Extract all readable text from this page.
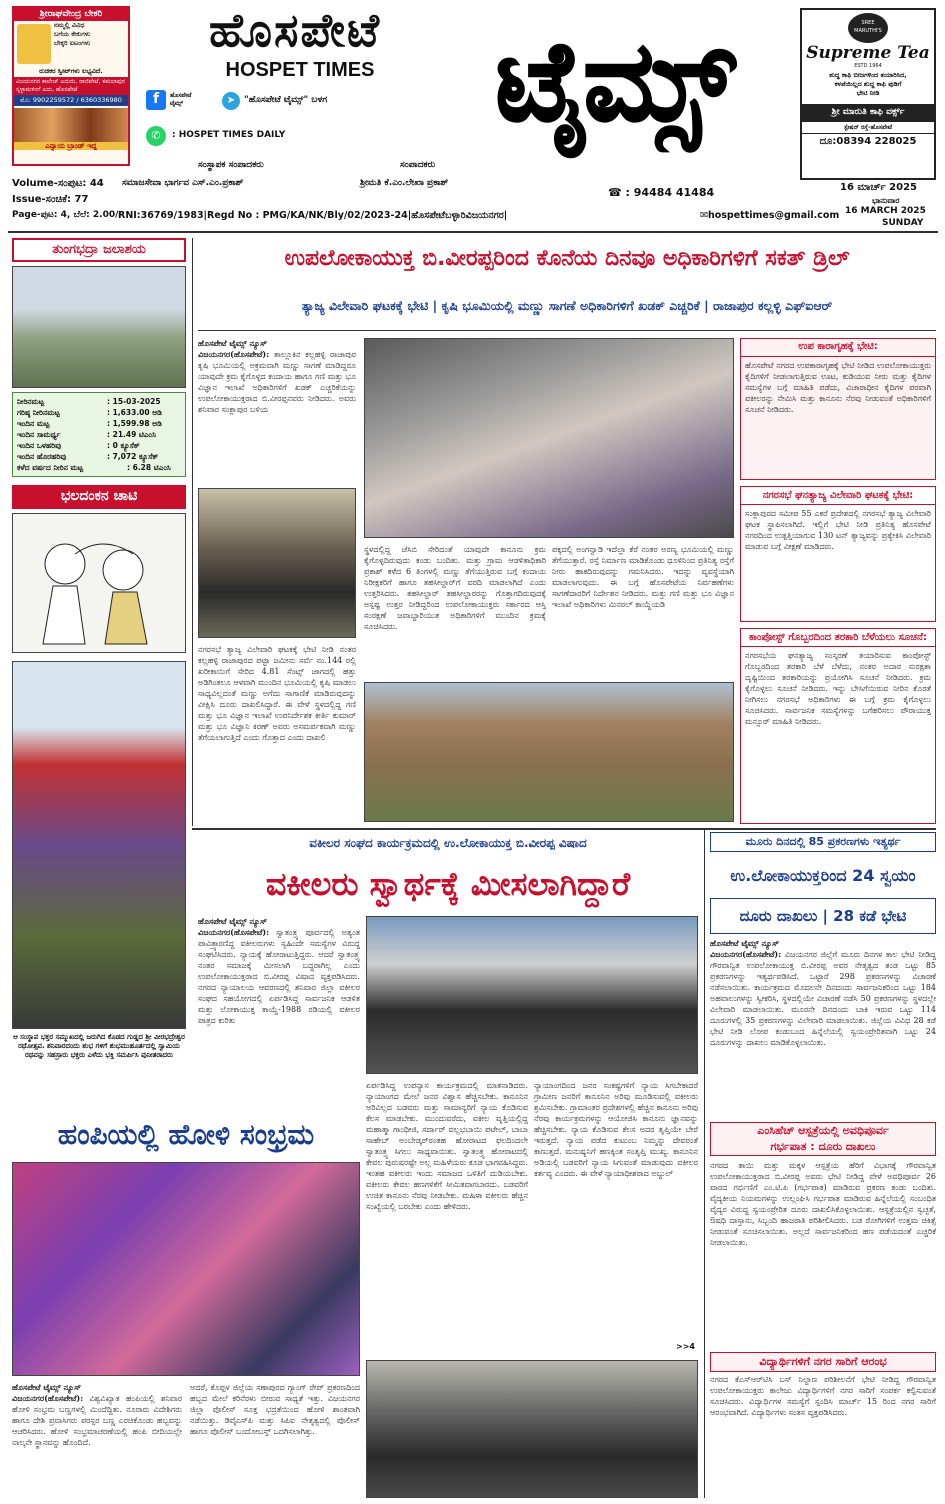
ಶ್ರೀರಾಘವೇಂದ್ರ ಬೇಕರಿ
ನಮ್ಮಲ್ಲಿ ವಿವಿಧ
ಬಗೆಯ ಕೇಕುಗಳು
ಬೇಕ್ಕರಿ ಐಟಂಗಳು
ರುಚಿಕರ ಸ್ವೀಟ್‌ಗಳು ಲಭ್ಯವಿದೆ.
ವಿಜಯನಗರ ಕಾಲೇಜ್ ಎದುರು, ರಾಣಿಪೇಟೆ, ಕಮಲಾಪುರ ಸ್ಕಳ್ಳಾಮಳಿಂಗೆ ಎದು, ಹೊಸಪೇಟೆ
ಮೊ: 9902259572 / 6360336980
ಎನ್ವಾಯ ಬ್ರಾಂಡ್ ಇದ್ದ
ಹೊಸಪೇಟೆ
HOSPET TIMES
f	ಹೊಸಪೇಟೆ ಟೈಮ್ಸ್	➤ "ಹೊಸಪೇಟೆ ಟೈಮ್ಸ್" ಬಳಗ
✆	: HOSPET TIMES DAILY	ಟೈಮ್ಸ್	SREE MARUTHI'S
Supreme Tea
ESTD 1964
ಶುದ್ಧ ಕಾಫಿ ಬೀಜಗಳಿಂದ ತಯಾರಿಸಿದ,
ಕಳಪೆಯಿಲ್ಲದ ಶುದ್ಧ ಕಾಫಿ ಪುಡಿಗೆ
ಭೇಟಿ ನೀಡಿ
ಶ್ರೀ ಮಾರುತಿ ಕಾಫಿ ವರ್ಕ್ಸ್
ಸ್ಟೇಷನ್ ರಸ್ತೆ-ಹೊಸಪೇಟೆ
ದೂ:08394 228025
ಸಂಸ್ಥಾಪಕ ಸಂಪಾದಕರು
ಸಮಾಜಸೇವಾ ಭಾರ್ಗವ ಎಸ್.ಎಂ.ಪ್ರಕಾಶ್
ಸಂಪಾದಕರು
ಶ್ರೀಮತಿ ಕೆ.ಎಂ.ಲೇಖಾ ಪ್ರಕಾಶ್
Volume-ಸಂಪುಟ: 44
Issue-ಸಂಚಿಕೆ: 77
Page-ಪುಟ: 4, ಬೆಲೆ: 2.00/-
☎ : 94484 41484	16 ಮಾರ್ಚ್ 2025
ಭಾನುವಾರ
16 MARCH 2025
SUNDAY
RNI:36769/1983|Regd No : PMG/KA/NK/Bly/02/2023-24|ಹೊಸಪೇಟೆಬಳ್ಳಾರಿವಿಜಯನಗರ|	✉hospettimes@gmail.com
ತುಂಗಭದ್ರಾ ಜಲಾಶಯ
ನೀರಿನಮಟ್ಟ	: 15-03-2025
ಗರಿಷ್ಠ ನೀರಿನಮಟ್ಟ	: 1,633.00 ಅಡಿ
ಇಂದಿನ ಮಟ್ಟ	: 1,599.98 ಅಡಿ
ಇಂದಿನ ಸಾಮರ್ಥ್ಯ	: 21.49 ಟಿಎಂಸಿ
ಇಂದಿನ ಒಳಹರಿವು	: 0 ಕ್ಯೂಸೆಕ್
ಇಂದಿನ ಹೊರಹರಿವು	: 7,072 ಕ್ಯೂಸೆಕ್
ಕಳೆದ ವರ್ಷದ ನೀರಿನ ಮಟ್ಟ	: 6.28 ಟಿಎಂಸಿ
ಭಲದಂಕನ ಚಾಟಿ
ಆ ಸಂಸ್ಥಾಪ ಭಕ್ತರ ಸಮ್ಮುಖದಲ್ಲಿ ಜರುಗಿದ ಕೊಡದ ಗುಡ್ಡದ ಶ್ರೀ ವೀರಭದ್ರೇಶ್ವರ ರಥೋತ್ಸವ. ಶನಿವಾರದಂದು ಶುಭ ಗಳಿಗೆ ಶುಭಮುಹೂರ್ತದಲ್ಲಿ ಸ್ವಾಮಿಯ ರಥವನ್ನು ಸಹಸ್ರಾರು ಭಕ್ತರು ಎಳೆದು ಭಕ್ತಿ ಸಮರ್ಪಿಸಿ ಪುನೀತರಾದರು
ಉಪಲೋಕಾಯುಕ್ತ ಬಿ.ವೀರಪ್ಪರಿಂದ ಕೊನೆಯ ದಿನವೂ ಅಧಿಕಾರಿಗಳಿಗೆ ಸಕತ್ ಡ್ರಿಲ್
ತ್ಯಾಜ್ಯ ವಿಲೇವಾರಿ ಘಟಕಕ್ಕೆ ಭೇಟಿ | ಕೃಷಿ ಭೂಮಿಯಲ್ಲಿ ಮಣ್ಣು ಸಾಗಣೆ ಅಧಿಕಾರಿಗಳಿಗೆ ಖಡಕ್ ಎಚ್ಚರಿಕೆ | ರಾಜಾಪುರ ಕಲ್ಲಳ್ಳಿ ಎಫ್‌ಐಆರ್
ಹೊಸಪೇಟೆ ಟೈಮ್ಸ್ ನ್ಯೂಸ್
ವಿಜಯನಗರ(ಹೊಸಪೇಟೆ): ತಾಲ್ಲೂಕಿನ ಕಲ್ಲಹಳ್ಳಿ ರಾಜಾಪುರ ಕೃಷಿ ಭೂಮಿಯಲ್ಲಿ ಅಕ್ರಮವಾಗಿ ಮಣ್ಣು ಸಾಗಣೆ ಮಾಡಿದ್ದರೂ ಯಾವುದೇ ಕ್ರಮ ಕೈಗೊಳ್ಳದ ಕಂದಾಯ ಹಾಗೂ ಗಣಿ ಮತ್ತು ಭೂ ವಿಜ್ಞಾನ ಇಲಾಖೆ ಅಧಿಕಾರಿಗಳಿಗೆ ಖಡಕ್ ಎಚ್ಚರಿಕೆಯನ್ನು ಉಪಲೋಕಾಯುಕ್ತರಾದ ಬಿ.ವೀರಪ್ಪನವರು ನೀಡಿದರು. ಅವರು ಶನಿವಾರ ಸಂಕ್ಲಾಪುರ ಬಳಿಯ
ನಗರಸಭೆ ತ್ಯಾಜ್ಯ ವಿಲೇವಾರಿ ಘಟಕಕ್ಕೆ ಭೇಟಿ ನೀಡಿ ನಂತರ ಕಲ್ಲಹಳ್ಳಿ ರಾಜಾಪುರದ ಪಟ್ಟಾ ಜಮೀನು ಸರ್ವೆ ನಂ.144 ರಲ್ಲಿ ಖರೀಕಾಯಿಗೆ ಸೇರಿದ 4.81 ಸೆಂಟ್ಸ್ ಜಾಗದಲ್ಲಿ ಹತ್ತು ಅಡಿಗಿಂತಲೂ ಆಳವಾಗಿ ಮುಂದಿನ ಭೂಮಿಯಲ್ಲಿ ಕೃಷಿ ಮಾಡಲು ಸಾಧ್ಯವಿಲ್ಲದಂತೆ ಮಣ್ಣು ಅಗೆದು ಸಾಗಾಣಿಕೆ ಮಾಡಿರುವುದನ್ನು ವೀಕ್ಷಿಸಿ ದೂರು ದಾಖಲಿಸಿದ್ದಾರೆ. ಈ ವೇಳೆ ಸ್ಥಳದಲ್ಲಿದ್ದ ಗಣಿ ಮತ್ತು ಭೂ ವಿಜ್ಞಾನ ಇಲಾಖೆ ಉಪನಿರ್ದೇಶಕ ಕೀರ್ತಿ ಕುಮಾರ್ ಮತ್ತು ಭೂ ವಿಜ್ಞಾನಿ ಕಿರಣ್ ಅವರು ಅಸಮರ್ಪಕವಾಗಿ ಮಣ್ಣು ತೆಗೆಯಲಾಗುತ್ತಿದೆ ಎಂದು ಗೊತ್ತಾದ ಎಂದು ದಾಖಲಿ
ಸ್ಥಳದಲ್ಲಿದ್ದ ಜೆಸಿಬಿ ಸೇರಿದಂತೆ ಯಾವುದೇ ಕಾನೂನು ಕ್ರಮ ಕೈಗೊಳ್ಳದಿರುವುದು ಕಂಡು ಬಂದಿತು. ಮತ್ತು ಗ್ರಾಮ ಆಡಳಿತಾಧಿಕಾರಿ ಪ್ರಕಾಶ್ ಕಳೆದ 6 ತಿಂಗಳಲ್ಲಿ ಮಣ್ಣು ತೆಗೆಯುತ್ತಿರುವ ಬಗ್ಗೆ ಕಂದಾಯ ನಿರೀಕ್ಷಕರಿಗೆ ಹಾಗೂ ತಹಸೀಲ್ದಾರ್‌ಗೆ ವರದಿ ಮಾಡಲಾಗಿದೆ ಎಂದು ಉತ್ತರಿಸಿದರು. ತಹಸೀಲ್ದಾರ್ ತಹಸೀಲ್ದಾರರನ್ನು ಗೊತ್ತಾಗದಿರುವುದಕ್ಕೆ ಅಸ್ಪಷ್ಟ ಉತ್ತರ ನೀಡಿದ್ದರಿಂದ ಉಪಲೋಕಾಯುಕ್ತರು ಸರ್ಕಾರದ ಆಸ್ತಿ ಸಂರಕ್ಷಣೆ ಜವಾಬ್ದಾರಿಯುತ ಅಧಿಕಾರಿಗಳಿಗೆ ಮುಂದಿನ ಕ್ರಮಕ್ಕೆ ಸೂಚಿಸಿದರು.
ಪಕ್ಕದಲ್ಲಿ ಅಂಗನ್ವಾಡಿ ಇದೆಲ್ಲಾ ಕೆರೆ ನಂತರ ಅರಣ್ಯ ಭೂಮಿಯಲ್ಲಿ ಮಣ್ಣು ತೆಗೆಯುತ್ತಾರೆ. ರಸ್ತೆ ನಿರ್ಮಾಣ ಮಾಡಿಕೊಂಡು ಧೂಳಿನಿಂದ ಪ್ರತಿನಿತ್ಯ ರಸ್ತೆಗೆ ನೀರು ಹಾಕದಿರುವುದನ್ನು ಗಮನಿಸಿದರು. ಇದನ್ನು ವ್ಯವಸ್ಥೆಯಾಗಿ ಮಾಡಲಾಗುವುದು. ಈ ಬಗ್ಗೆ ಹೊಸಪೇಟೆಯ ನಿರ್ವಹಣೆಗಳು ಸಾಗಣೆದಾರರಿಗೆ ನಿರ್ದೇಶನ ನೀಡಿದರು. ಮತ್ತು ಗಣಿ ಮತ್ತು ಭೂ ವಿಜ್ಞಾನ ಇಲಾಖೆ ಅಧಿಕಾರಿಗಳು ಮಿನರಲ್ ಕಾಯ್ದೆಯಡಿ
ಉಪ ಕಾರಾಗೃಹಕ್ಕೆ ಭೇಟಿ:
ಹೊಸಪೇಟೆ ನಗರದ ಉಪಕಾರಾಗೃಹಕ್ಕೆ ಭೇಟಿ ನೀಡಿದ ಉಪಲೋಕಾಯುಕ್ತರು ಕೈದಿಗಳಿಗೆ ನೀಡಲಾಗುತ್ತಿರುವ ಊಟ, ಕುಡಿಯುವ ನೀರು ಮತ್ತು ಕೈದಿಗಳ ಸಮಸ್ಯೆಗಳ ಬಗ್ಗೆ ಮಾಹಿತಿ ಪಡೆದು, ವಿಚಾರಾಧೀನ ಕೈದಿಗಳ ಪರವಾಗಿ ವಕೀಲರನ್ನು ನೇಮಿಸಿ ಮತ್ತು ಕಾನೂನು ನೆರವು ನೀಡುವಂತೆ ಅಧಿಕಾರಿಗಳಿಗೆ ಸೂಚನೆ ನೀಡಿದರು.
ನಗರಸಭೆ ಘನತ್ಯಾಜ್ಯ ವಿಲೇವಾರಿ ಘಟಕಕ್ಕೆ ಭೇಟಿ:
ಸಂಕ್ಲಾಪುರದ ಸಮೀಪ 55 ಎಕರೆ ಪ್ರದೇಶದಲ್ಲಿ ನಗರಸಭೆ ತ್ಯಾಜ್ಯ ವಿಲೇವಾರಿ ಘಟಕ ಸ್ಥಾಪಿಸಲಾಗಿದೆ. ಇಲ್ಲಿಗೆ ಭೇಟಿ ನೀಡಿ ಪ್ರತಿನಿತ್ಯ ಹೊಸಪೇಟೆ ನಗರದಿಂದ ಉತ್ಪತ್ತಿಯಾಗುವ 130 ಟನ್ ತ್ಯಾಜ್ಯವನ್ನು ಪ್ರತ್ಯೇಕಿಸಿ ವಿಲೇವಾರಿ ಮಾಡುವ ಬಗ್ಗೆ ವೀಕ್ಷಣೆ ಮಾಡಿದರು.
ಕಾಂಪೋಸ್ಟ್ ಗೊಬ್ಬರದಿಂದ ತರಕಾರಿ ಬೆಳೆಯಲು ಸೂಚನೆ:
ನಗರಸಭೆಯ ಘನತ್ಯಾಜ್ಯ ಸಂಸ್ಕರಣೆ ತಯಾರಿಸುವ ಕಾಂಪೋಸ್ಟ್ ಗೊಬ್ಬರದಿಂದ ತರಕಾರಿ ಬೆಳೆ ಬೆಳೆದು, ನಂತರ ಅದಾರ ಸುರಕ್ಷತಾ ದೃಷ್ಟಿಯಿಂದ ತರಕಾರಿಯನ್ನು ಪ್ರಯೋಗಿಸಿ ಸೂಚನೆ ನೀಡಿದರು. ಕ್ರಮ ಕೈಗೊಳ್ಳಲು ಸೂಚನೆ ನೀಡಿದರು. ಇನ್ನು ಬೇಸಿಗೆಯಿರುವ ನೀರಿನ ಕೊರತೆ ನೀಗಿಸಲು ನಗರಸಭೆ ಅಧಿಕಾರಿಗಳು ಈ ಬಗ್ಗೆ ಕ್ರಮ ಕೈಗೊಳ್ಳಲು ಸೂಚಿಸಿದರು. ಸಾರ್ವಜನಿಕ ಸಮಸ್ಯೆಗಳನ್ನು ಬಗೆಹರಿಸಲು ಪೌರಾಯುಕ್ತ ಮನ್ಸೂರ್ ಮಾಹಿತಿ ನೀಡಿದರು.
ವಕೀಲರ ಸಂಘದ ಕಾರ್ಯಕ್ರಮದಲ್ಲಿ ಉ.ಲೋಕಾಯುಕ್ತ ಬಿ.ವೀರಪ್ಪ ವಿಷಾದ
ವಕೀಲರು ಸ್ವಾರ್ಥಕ್ಕೆ ಮೀಸಲಾಗಿದ್ದಾರೆ
ಹೊಸಪೇಟೆ ಟೈಮ್ಸ್ ನ್ಯೂಸ್
ವಿಜಯನಗರ(ಹೊಸಪೇಟೆ): ಸ್ವಾತಂತ್ರ್ಯ ಪೂರ್ವದಲ್ಲಿ ಅತ್ಯಂತ ಪಾವಿತ್ರ್ಯಾರಣಿದ್ದ ವಕೀಲರುಗಳು ಸ್ವಹಿಂದೇ ಸಮಸ್ಯೆಗಳ ವಿರುದ್ಧ ಸಂಘಟಿಸಿದರು. ನ್ಯಾಯಕ್ಕೆ ಹೋರಾಟುತ್ತಿದ್ದರು. ಆದರೆ ಸ್ವಾತಂತ್ರ್ಯ ನಂತರ ಸಮಾಜಕ್ಕೆ ಮೀಸಲಾಗಿ ಬದ್ಧರಾಗಿಲ್ಲ ಎಂದು ಉಪಲೋಕಾಯುಕ್ತರಾದ ಬಿ.ವೀರಪ್ಪ ವಿಷಾದ ವ್ಯಕ್ತಪಡಿಸಿದರು. ನಗರದ ನ್ಯಾಯಾಲಯ ಆವರಣದಲ್ಲಿ ಶನಿವಾರ ಜಿಲ್ಲಾ ವಕೀಲರ ಸಂಘದ ಸಹಯೋಗದಲ್ಲಿ ಏರ್ಪಡಿಸಿದ್ದ ಸಾರ್ವಜನಿಕ ಆಡಳಿತ ಮತ್ತು ಲೋಕಾಯುಕ್ತ ಕಾಯ್ದೆ-1988 ರಡಿಯಲ್ಲಿ ವಕೀಲರ ಪಾತ್ರದ ಕುರಿತು
ಏರ್ಪಡಿಸಿದ್ದ ಉಪನ್ಯಾಸ ಕಾರ್ಯಕ್ರಮದಲ್ಲಿ ಮಾತನಾಡಿದರು. ನ್ಯಾಯಾಂಗದ ಮೇಲೆ ಜನರ ವಿಶ್ವಾಸ ಹೆಚ್ಚಿಸಬೇಕು. ಕಾನೂನಿನ ಅರಿವಿಲ್ಲದ ಬಡವರು ಮತ್ತು ಸಾಮಾನ್ಯರಿಗೆ ನ್ಯಾಯ ಕೊಡಿಸುವ ಕೆಲಸ ಮಾಡಬೇಕು. ಮುಂದುವರೆದು, ವಕೀಲ ವೃತ್ತಿಯಲ್ಲಿದ್ದ ಮಹಾತ್ಮಾ ಗಾಂಧೀಜಿ, ಸರ್ದಾರ್ ವಲ್ಲಭಬಾಯಿ ಪಟೇಲ್, ಬಾಬಾ ಸಾಹೇಬ್ ಅಂಬೇಡ್ಕರ್‌ರಂತಹ ಹೋರಾಟದ ಫಲದಿಂದಲೇ ಸ್ವಾತಂತ್ರ್ಯ ಸಿಗಲು ಸಾಧ್ಯವಾಯಿತು. ಸ್ವಾತಂತ್ರ್ಯ ಹೋರಾಟದಲ್ಲಿ ಕೇವಲ ಪುರುಷರಷ್ಟೇ ಅಲ್ಲ ಮಹಿಳೆಯರು ಕೂಡ ಭಾಗವಹಿಸಿದ್ದರು. ಇಂತಹ ವಕೀಲರು ಇಂದು ಸಮಾಜದ ಒಳಿತಿಗೆ ದುಡಿಯಬೇಕು. ವಕೀಲರು ಕೇವಲ ಹಣಗಳಿಕೆಗೆ ಸೀಮಿತವಾಗಬಾರದು. ಬಡವರಿಗೆ ಉಚಿತ ಕಾನೂನು ನೆರವು ನೀಡಬೇಕು. ಮಹಿಳಾ ವಕೀಲರು ಹೆಚ್ಚಿನ ಸಂಖ್ಯೆಯಲ್ಲಿ ಬರಬೇಕು ಎಂದು ಹೇಳಿದರು.
ನ್ಯಾಯಾಂಗದಿಂದ ಜನರ ಸಂಕಷ್ಟಗಳಿಗೆ ನ್ಯಾಯ ಸಿಗಬೇಕಾದರೆ ಗ್ರಾಮೀಣ ಜನರಿಗೆ ಕಾನೂನಿನ ಅರಿವು ಮೂಡಿಸುವಲ್ಲಿ ವಕೀಲರು ಶ್ರಮಿಸಬೇಕು. ಗ್ರಾಮಾಂತರ ಪ್ರದೇಶಗಳಲ್ಲಿ ಹೆಚ್ಚಿನ ಕಾನೂನು ಅರಿವು ನೆರವು ಕಾರ್ಯಕ್ರಮಗಳನ್ನು ಆಯೋಜಿಸಿ ಕಾನೂನು ಜ್ಞಾನವನ್ನು ಹೆಚ್ಚಿಸಬೇಕು. ನ್ಯಾಯ ಕೊಡಿಸುವ ಕೆಲಸ ಅದರ ತೃಪ್ತಿಯೇ ಬೇರೆ ಇರುತ್ತದೆ. ನ್ಯಾಯ ಪಡೆದ ಕುಟುಂಬ ನಿಮ್ಮನ್ನು ದೇವರಂತೆ ಕಾಣುತ್ತದೆ. ಮನುಷ್ಯನಿಗೆ ಹಣಕ್ಕಿಂತ ಸಂತೃಪ್ತಿ ಮುಖ್ಯ. ಕಾನೂನಿನ ಅಡಿಯಲ್ಲಿ ಬಡವರಿಗೆ ನ್ಯಾಯ ಸಿಗುವಂತೆ ಮಾಡುವುದು ವಕೀಲರ ಕರ್ತವ್ಯ ಎಂದರು. ಈ ವೇಳೆ ನ್ಯಾಯಾಧೀಶರಾದ ಅಬ್ದುಲ್
>>4
ಹಂಪಿಯಲ್ಲಿ ಹೋಳಿ ಸಂಭ್ರಮ
ಹೊಸಪೇಟೆ ಟೈಮ್ಸ್ ನ್ಯೂಸ್
ವಿಜಯನಗರ(ಹೊಸಪೇಟೆ): ವಿಶ್ವವಿಖ್ಯಾತ ಹಂಪಿಯಲ್ಲಿ ಶನಿವಾರ ಹೋಳಿ ಸಂಭ್ರಮ ಬಣ್ಣಗಳಲ್ಲಿ ಮಿಂದೆದ್ದಿತು. ನೂರಾರು ವಿದೇಶಿಗರು ಹಾಗೂ ದೇಶಿ ಪ್ರವಾಸಿಗರು ಪರಸ್ಪರ ಬಣ್ಣ ಎರಚಿಕೊಂಡು ಹಬ್ಬವನ್ನು ಆಚರಿಸಿದರು. ಹೋಳಿ ಸಂಭ್ರಮಾಚರಣೆಯಲ್ಲಿ ಹಂಪಿ ಬೀದಿಯಲ್ಲೇ ನಾಲ್ಕನೇ ಸ್ಥಾನವನ್ನು ಹೊಂದಿದೆ.
ಅದರೆ, ಕೊಪ್ಪಳ ಜಿಲ್ಲೆಯ ಸಣಾಪುರದ ಗ್ಯಾಂಗ್ ರೇಪ್ ಪ್ರಕರಣದಿಂದ ಹಬ್ಬದ ಮೇಲೆ ಕರಿನೆರಳು ಬೀರುವ ಸಾಧ್ಯತೆ ಇತ್ತು. ವಿಜಯನಗರ ಜಿಲ್ಲಾ ಪೊಲೀಸ್ ಸೂಕ್ತ ಭದ್ರತೆಯಿಂದ ಹೋಳಿ ಶಾಂತವಾಗಿ ನಡೆಯಿತ್ತು. ಡಿವೈಎಸ್‌ಪಿ ಮತ್ತು ಸಿಪಿಐ ನೇತೃತ್ವದಲ್ಲಿ ಪೊಲೀಸ್ ಹಾಗೂ ಪೊಲೀಸ್ ಬಂದೋಬಸ್ತ್ ಒದಗಿಸಲಾಗಿತ್ತು.
ಮೂರು ದಿನದಲ್ಲಿ 85 ಪ್ರಕರಣಗಳು ಇತ್ಯರ್ಥ
ಉ.ಲೋಕಾಯುಕ್ತರಿಂದ 24 ಸ್ವಯಂ
ದೂರು ದಾಖಲು | 28 ಕಡೆ ಭೇಟಿ
ಹೊಸಪೇಟೆ ಟೈಮ್ಸ್ ನ್ಯೂಸ್
ವಿಜಯನಗರ(ಹೊಸಪೇಟೆ): ವಿಜಯನಗರ ಜಿಲ್ಲೆಗೆ ಮೂರು ದಿನಗಳ ಕಾಲ ಭೇಟಿ ನೀಡಿದ್ದ ಗೌರವಾನ್ವಿತ ಉಪಲೋಕಾಯುಕ್ತ ಬಿ.ವೀರಪ್ಪ ಅವರ ನೇತೃತ್ವದ ತಂಡ ಒಟ್ಟು 85 ಪ್ರಕರಣಗಳನ್ನು ಇತ್ಯರ್ಥಪಡಿಸಿದೆ. ಒಟ್ಟಾರೆ 298 ಪ್ರಕರಣಗಳನ್ನು ವಿಚಾರಣೆ ನಡೆಸಲಾಯಿತು. ಕಾರ್ಯಕ್ರಮದ ಮೊದಲನೇ ದಿನದಂದು ಸಾರ್ವಜನಿಕರಿಂದ ಒಟ್ಟು 184 ಅಹವಾಲುಗಳನ್ನು ಸ್ವೀಕರಿಸಿ, ಸ್ಥಳದಲ್ಲಿಯೇ ವಿಚಾರಣೆ ನಡೆಸಿ 50 ಪ್ರಕರಣಗಳನ್ನು ಸ್ಥಳದಲ್ಲೇ ವಿಲೇವಾರಿ ಮಾಡಲಾಯಿತು. ಮೂರನೇ ದಿನದಂದು ಬಾಕಿ ಇರುವ ಒಟ್ಟು 114 ದೂರುಗಳಲ್ಲಿ 35 ಪ್ರಕರಣಗಳನ್ನು ವಿಲೇವಾರಿ ಮಾಡಲಾಯಿತು. ಜಿಲ್ಲೆಯ ವಿವಿಧ 28 ಕಡೆ ಭೇಟಿ ನೀಡಿ ಲೋಪ ಕಂಡುಬಂದ ಹಿನ್ನೆಲೆಯಲ್ಲಿ ಸ್ವಯಂಪ್ರೇರಿತವಾಗಿ ಒಟ್ಟು 24 ದೂರುಗಳನ್ನು ದಾಖಲು ಮಾಡಿಕೊಳ್ಳಲಾಯಿತು.
ಎಂಸಿಹೆಚ್ ಆಸ್ಪತ್ರೆಯಲ್ಲಿ ಅವಧಿಪೂರ್ವ
ಗರ್ಭಪಾತ : ದೂರು ದಾಖಲು
ನಗರದ ತಾಯಿ ಮತ್ತು ಮಕ್ಕಳ ಆಸ್ಪತ್ರೆಯ ಹೆರಿಗೆ ವಿಭಾಗಕ್ಕೆ ಗೌರವಾನ್ವಿತ ಉಪಲೋಕಾಯುಕ್ತರಾದ ಬಿ.ವೀರಪ್ಪ ಅವರು ಭೇಟಿ ನೀಡಿದ್ದ ವೇಳೆ ಅವಧಿಪೂರ್ವ 26 ವಾರದ ಗರ್ಭಿಣಿಗೆ ಎಂ.ಟಿ.ಪಿ (ಗರ್ಭಪಾತ) ಮಾಡಿರುವ ಪ್ರಕರಣ ಕಂಡು ಬಂದಿತು. ವೈದ್ಯಕೀಯ ನಿಯಮಗಳನ್ನು ಉಲ್ಲಂಘಿಸಿ ಗರ್ಭಪಾತ ಮಾಡಿರುವ ಹಿನ್ನೆಲೆಯಲ್ಲಿ ಸಂಬಂಧಿತ ವೈದ್ಯರ ವಿರುದ್ಧ ಸ್ವಯಂಪ್ರೇರಿತ ದೂರು ದಾಖಲಿಸಿಕೊಳ್ಳಲಾಯಿತು. ಆಸ್ಪತ್ರೆಯಲ್ಲಿನ ಸ್ವಚ್ಛತೆ, ಔಷಧಿ ದಾಸ್ತಾನು, ಸಿಬ್ಬಂದಿ ಹಾಜರಾತಿ ಪರಿಶೀಲಿಸಿದರು. ಬಡ ರೋಗಿಗಳಿಗೆ ಉತ್ತಮ ಚಿಕಿತ್ಸೆ ನೀಡುವಂತೆ ಸೂಚಿಸಲಾಯಿತು. ಅಲ್ಲದೆ ಸಾರ್ವಜನಿಕರಿಂದ ಹಣ ಪಡೆಯದಂತೆ ಎಚ್ಚರಿಕೆ ನೀಡಲಾಯಿತು.
ವಿದ್ಯಾರ್ಥಿಗಳಿಗೆ ನಗರ ಸಾರಿಗೆ ಆರಂಭ
ನಗರದ ಕೆಎಸ್‌ಆರ್‌ಟಿಸಿ ಬಸ್ ನಿಲ್ದಾಣ ಪರಿಶೀಲನೆಗೆ ಭೇಟಿ ನೀಡಿದ್ದ ಗೌರವಾನ್ವಿತ ಉಪಲೋಕಾಯುಕ್ತರು ಕಾಲೇಜು ವಿದ್ಯಾರ್ಥಿಗಳಿಗೆ ನಗರ ಸಾರಿಗೆ ಸಂಪರ್ಕ ಕಲ್ಪಿಸುವಂತೆ ಸೂಚಿಸಿದರು. ವಿದ್ಯಾರ್ಥಿಗಳ ಸಮಸ್ಯೆಗೆ ಸ್ಪಂದಿಸಿ ಮಾರ್ಚ್ 15 ರಿಂದ ನಗರ ಸಾರಿಗೆ ಆರಂಭವಾಗಿದೆ. ವಿದ್ಯಾರ್ಥಿಗಳು ಸಂತಸ ವ್ಯಕ್ತಪಡಿಸಿದರು.
